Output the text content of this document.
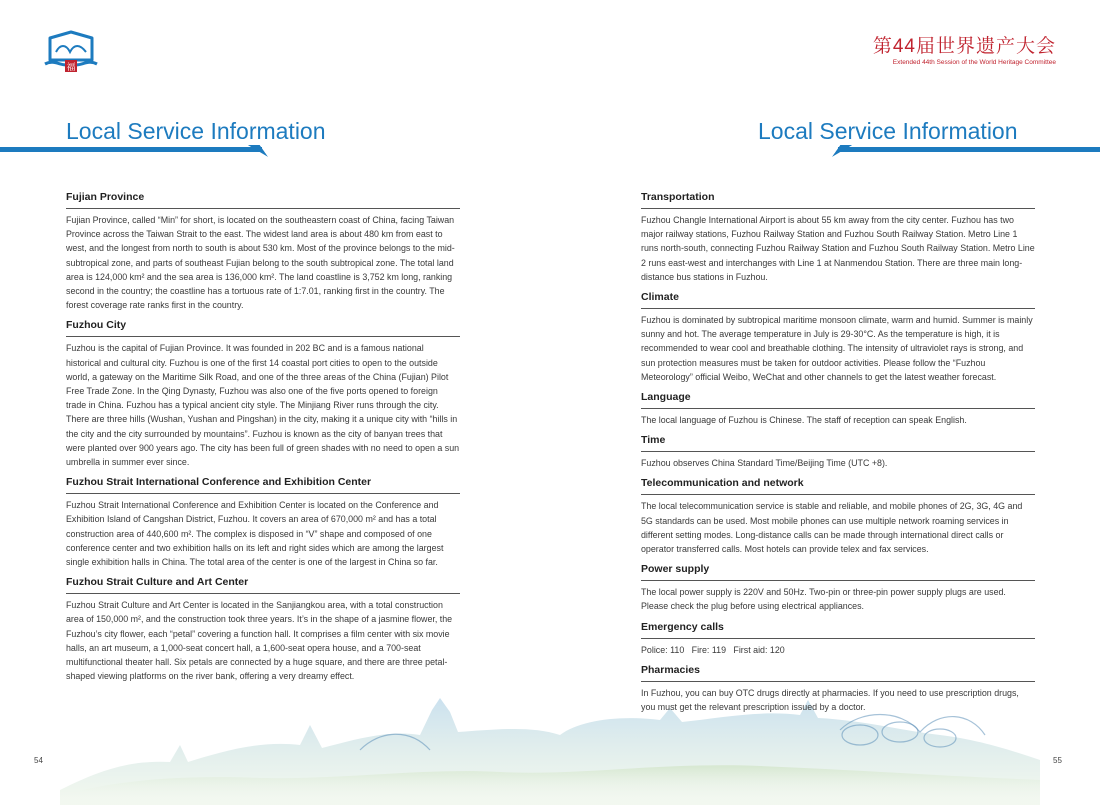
福
第44届世界遗产大会
Extended 44th Session of the World Heritage Committee
Local Service Information	Local Service Information
Fujian Province

Fujian Province, called “Min” for short, is located on the southeastern coast of China, facing Taiwan Province across the Taiwan Strait to the east. The widest land area is about 480 km from east to west, and the longest from north to south is about 530 km. Most of the province belongs to the mid-subtropical zone, and parts of southeast Fujian belong to the south subtropical zone. The total land area is 124,000 km² and the sea area is 136,000 km². The land coastline is 3,752 km long, ranking second in the country; the coastline has a tortuous rate of 1:7.01, ranking first in the country. The forest coverage rate ranks first in the country.

Fuzhou City

Fuzhou is the capital of Fujian Province. It was founded in 202 BC and is a famous national historical and cultural city. Fuzhou is one of the first 14 coastal port cities to open to the outside world, a gateway on the Maritime Silk Road, and one of the three areas of the China (Fujian) Pilot Free Trade Zone. In the Qing Dynasty, Fuzhou was also one of the five ports opened to foreign trade in China. Fuzhou has a typical ancient city style. The Minjiang River runs through the city. There are three hills (Wushan, Yushan and Pingshan) in the city, making it a unique city with “hills in the city and the city surrounded by mountains”. Fuzhou is known as the city of banyan trees that were planted over 900 years ago. The city has been full of green shades with no need to open a sun umbrella in summer ever since.

Fuzhou Strait International Conference and Exhibition Center

Fuzhou Strait International Conference and Exhibition Center is located on the Conference and Exhibition Island of Cangshan District, Fuzhou. It covers an area of 670,000 m² and has a total construction area of 440,600 m². The complex is disposed in “V” shape and composed of one conference center and two exhibition halls on its left and right sides which are among the largest single exhibition halls in China. The total area of the center is one of the largest in China so far.

Fuzhou Strait Culture and Art Center

Fuzhou Strait Culture and Art Center is located in the Sanjiangkou area, with a total construction area of 150,000 m², and the construction took three years. It’s in the shape of a jasmine flower, the Fuzhou’s city flower, each “petal” covering a function hall. It comprises a film center with six movie halls, an art museum, a 1,000-seat concert hall, a 1,600-seat opera house, and a 700-seat multifunctional theater hall. Six petals are connected by a huge square, and there are three petal-shaped viewing platforms on the river bank, offering a very dreamy effect.

Transportation

Fuzhou Changle International Airport is about 55 km away from the city center. Fuzhou has two major railway stations, Fuzhou Railway Station and Fuzhou South Railway Station. Metro Line 1 runs north-south, connecting Fuzhou Railway Station and Fuzhou South Railway Station. Metro Line 2 runs east-west and interchanges with Line 1 at Nanmendou Station. There are three main long-distance bus stations in Fuzhou.

Climate

Fuzhou is dominated by subtropical maritime monsoon climate, warm and humid. Summer is mainly sunny and hot. The average temperature in July is 29-30°C. As the temperature is high, it is recommended to wear cool and breathable clothing. The intensity of ultraviolet rays is strong, and sun protection measures must be taken for outdoor activities. Please follow the “Fuzhou Meteorology” official Weibo, WeChat and other channels to get the latest weather forecast.

Language

The local language of Fuzhou is Chinese. The staff of reception can speak English.

Time

Fuzhou observes China Standard Time/Beijing Time (UTC +8).

Telecommunication and network

The local telecommunication service is stable and reliable, and mobile phones of 2G, 3G, 4G and 5G standards can be used. Most mobile phones can use multiple network roaming services in different setting modes. Long-distance calls can be made through international direct calls or operator transferred calls. Most hotels can provide telex and fax services.

Power supply

The local power supply is 220V and 50Hz. Two-pin or three-pin power supply plugs are used. Please check the plug before using electrical appliances.

Emergency calls

Police: 110   Fire: 119   First aid: 120

Pharmacies

In Fuzhou, you can buy OTC drugs directly at pharmacies. If you need to use prescription drugs, you must get the relevant prescription issued by a doctor.

54	55
